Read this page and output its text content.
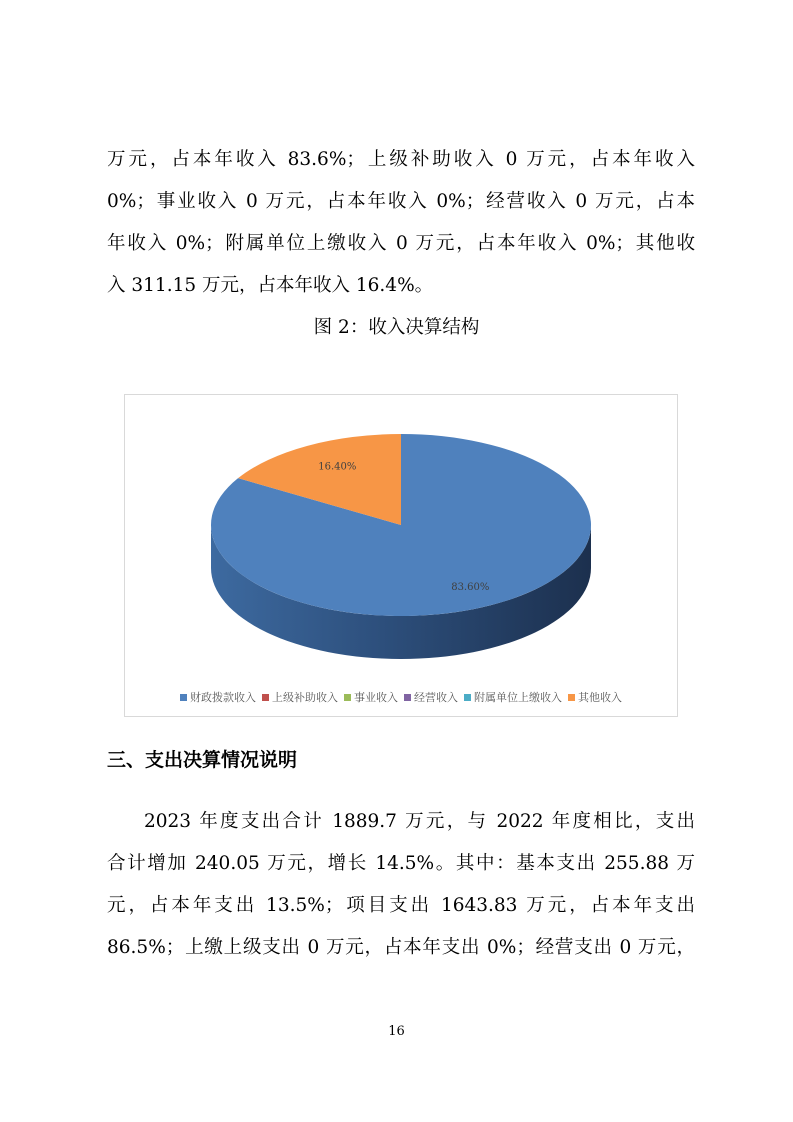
万元，占本年收入 83.6%；上级补助收入 0 万元，占本年收入
0%；事业收入 0 万元，占本年收入 0%；经营收入 0 万元，占本
年收入 0%；附属单位上缴收入 0 万元，占本年收入 0%；其他收
入 311.15 万元，占本年收入 16.4%。
图 2：收入决算结构
83.60%
16.40%
财政拨款收入 上级补助收入 事业收入 经营收入 附属单位上缴收入 其他收入
三、支出决算情况说明
2023 年度支出合计 1889.7 万元，与 2022 年度相比，支出
合计增加 240.05 万元，增长 14.5%。其中：基本支出 255.88 万
元，占本年支出 13.5%；项目支出 1643.83 万元，占本年支出
86.5%；上缴上级支出 0 万元，占本年支出 0%；经营支出 0 万元，
16
